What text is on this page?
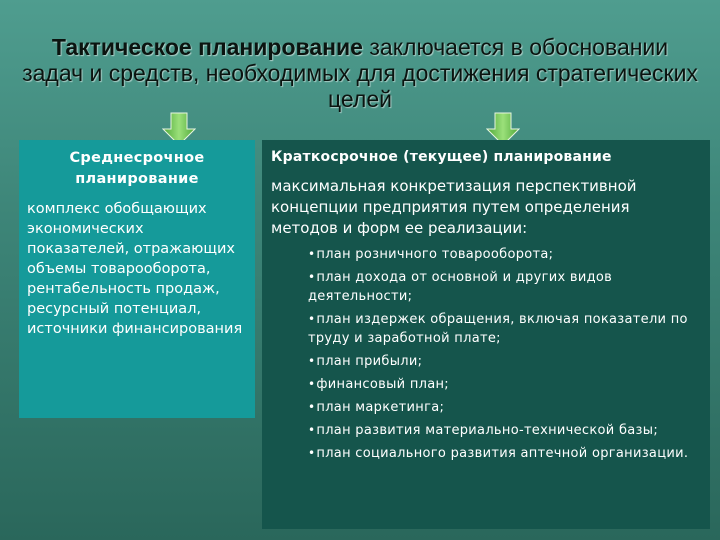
Тактическое планирование заключается в обосновании задач и средств, необходимых для достижения стратегических целей
Среднесрочное планирование
комплекс обобщающих экономических показателей, отражающих объемы товарооборота, рентабельность продаж, ресурсный потенциал, источники финансирования
Краткосрочное (текущее) планирование
максимальная конкретизация перспективной концепции предприятия путем определения методов и форм ее реализации:
•план розничного товарооборота;
•план дохода от основной и других видов деятельности;
•план издержек обращения, включая показатели по труду и заработной плате;
•план прибыли;
•финансовый план;
•план маркетинга;
•план развития материально-технической базы;
•план социального развития аптечной организации.
